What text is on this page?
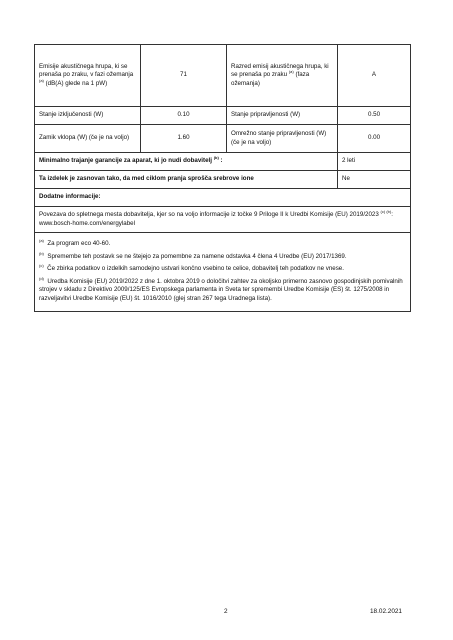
Emisije akustičnega hrupa, ki se prenaša po zraku, v fazi ožemanja $^{(a)}$ (dB(A) glede na 1 pW)	71	Razred emisij akustičnega hrupa, ki se prenaša po zraku $^{(a)}$ (faza ožemanja)	A
Stanje izključenosti (W)	0.10	Stanje pripravljenosti (W)	0.50
Zamik vklopa (W) (če je na voljo)	1.60	Omrežno stanje pripravljenosti (W) (če je na voljo)	0.00
Minimalno trajanje garancije za aparat, ki jo nudi dobavitelj $^{(b)}$ :			2 leti
Ta izdelek je zasnovan tako, da med ciklom pranja sprošča srebrove ione			Ne
Dodatne informacije:			
Povezava do spletnega mesta dobavitelja, kjer so na voljo informacije iz točke 9 Priloge II k Uredbi Komisije (EU) 2019/2023 $^{(c) (b)}$: www.bosch-home.com/energylabel			

$^{(a)}$ Za program eco 40-60.
$^{(b)}$ Spremembe teh postavk se ne štejejo za pomembne za namene odstavka 4 člena 4 Uredbe (EU) 2017/1369.
$^{(c)}$ Če zbirka podatkov o izdelkih samodejno ustvari končno vsebino te celice, dobavitelj teh podatkov ne vnese.
$^{(d)}$ Uredba Komisije (EU) 2019/2022 z dne 1. oktobra 2019 o določitvi zahtev za okoljsko primerno zasnovo gospodinjskih pomivalnih strojev v skladu z Direktivo 2009/125/ES Evropskega parlamenta in Sveta ter spremembi Uredbe Komisije (ES) št. 1275/2008 in razveljavitvi Uredbe Komisije (EU) št. 1016/2010 (glej stran 267 tega Uradnega lista).			
2	18.02.2021
